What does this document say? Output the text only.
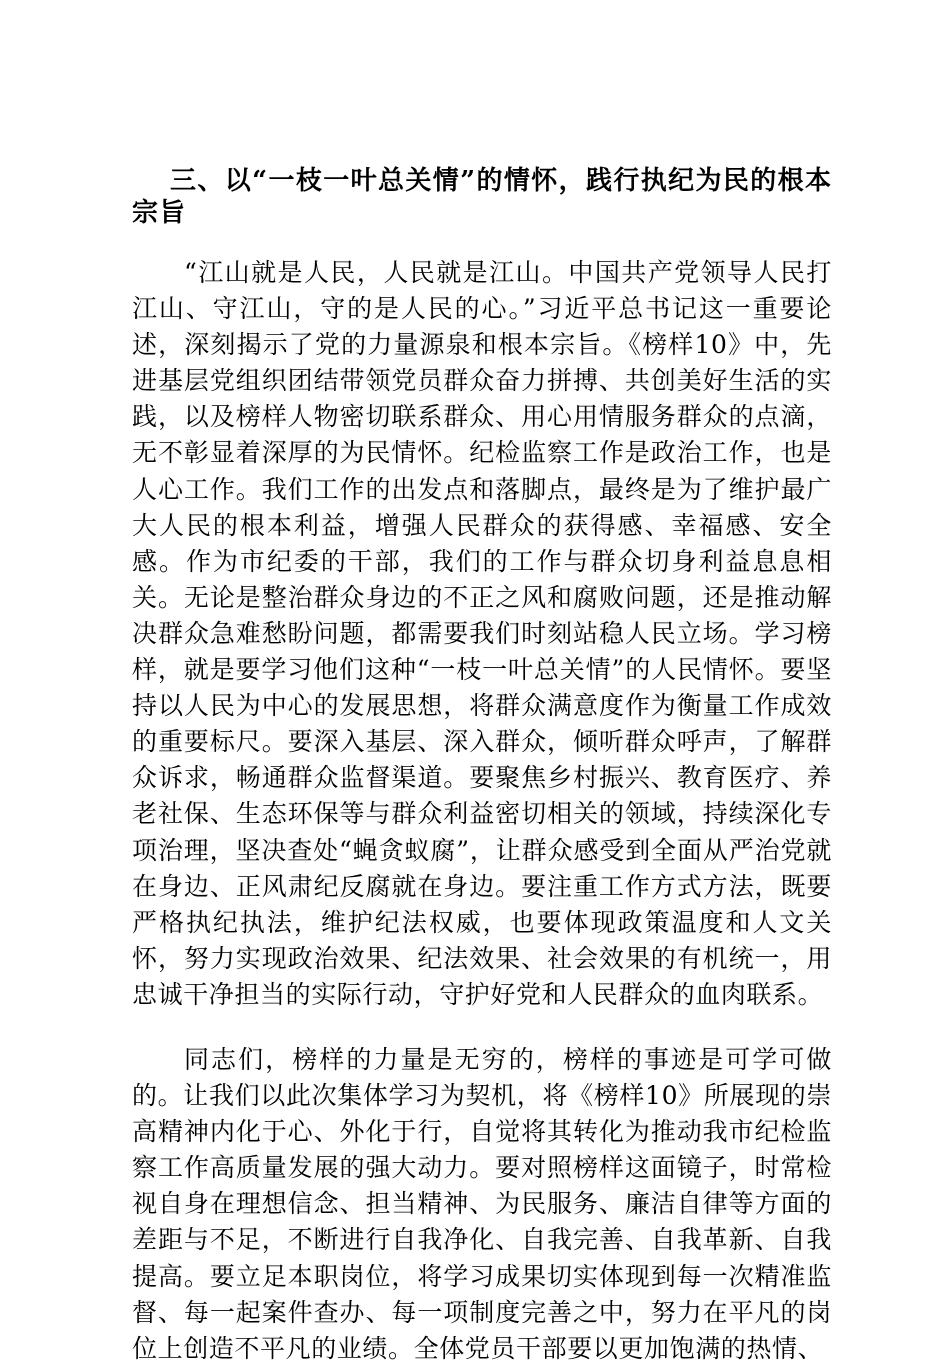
三、以“一枝一叶总关情”的情怀，践行执纪为民的根本宗旨

“江山就是人民，人民就是江山。中国共产党领导人民打江山、守江山，守的是人民的心。”习近平总书记这一重要论述，深刻揭示了党的力量源泉和根本宗旨。《榜样10》中，先进基层党组织团结带领党员群众奋力拼搏、共创美好生活的实践，以及榜样人物密切联系群众、用心用情服务群众的点滴，无不彰显着深厚的为民情怀。纪检监察工作是政治工作，也是人心工作。我们工作的出发点和落脚点，最终是为了维护最广大人民的根本利益，增强人民群众的获得感、幸福感、安全感。作为市纪委的干部，我们的工作与群众切身利益息息相关。无论是整治群众身边的不正之风和腐败问题，还是推动解决群众急难愁盼问题，都需要我们时刻站稳人民立场。学习榜样，就是要学习他们这种“一枝一叶总关情”的人民情怀。要坚持以人民为中心的发展思想，将群众满意度作为衡量工作成效的重要标尺。要深入基层、深入群众，倾听群众呼声，了解群众诉求，畅通群众监督渠道。要聚焦乡村振兴、教育医疗、养老社保、生态环保等与群众利益密切相关的领域，持续深化专项治理，坚决查处“蝇贪蚁腐”，让群众感受到全面从严治党就在身边、正风肃纪反腐就在身边。要注重工作方式方法，既要严格执纪执法，维护纪法权威，也要体现政策温度和人文关怀，努力实现政治效果、纪法效果、社会效果的有机统一，用忠诚干净担当的实际行动，守护好党和人民群众的血肉联系。

同志们，榜样的力量是无穷的，榜样的事迹是可学可做的。让我们以此次集体学习为契机，将《榜样10》所展现的崇高精神内化于心、外化于行，自觉将其转化为推动我市纪检监察工作高质量发展的强大动力。要对照榜样这面镜子，时常检视自身在理想信念、担当精神、为民服务、廉洁自律等方面的差距与不足，不断进行自我净化、自我完善、自我革新、自我提高。要立足本职岗位，将学习成果切实体现到每一次精准监督、每一起案件查办、每一项制度完善之中，努力在平凡的岗位上创造不平凡的业绩。全体党员干部要以更加饱满的热情、
